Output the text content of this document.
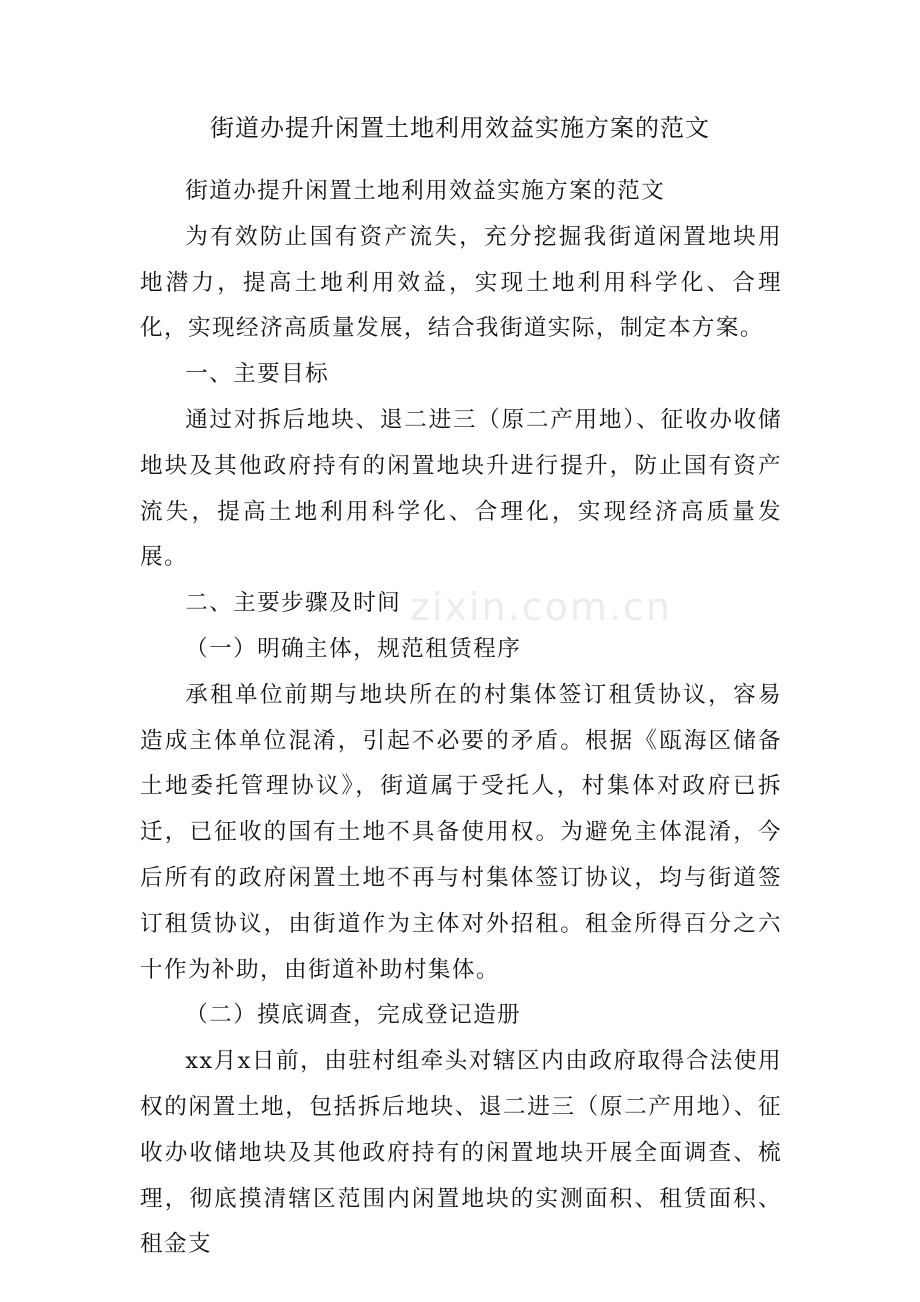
街道办提升闲置土地利用效益实施方案的范文

街道办提升闲置土地利用效益实施方案的范文

为有效防止国有资产流失，充分挖掘我街道闲置地块用地潜力，提高土地利用效益，实现土地利用科学化、合理化，实现经济高质量发展，结合我街道实际，制定本方案。

一、主要目标

通过对拆后地块、退二进三（原二产用地）、征收办收储地块及其他政府持有的闲置地块升进行提升，防止国有资产流失，提高土地利用科学化、合理化，实现经济高质量发展。

二、主要步骤及时间

（一）明确主体，规范租赁程序

承租单位前期与地块所在的村集体签订租赁协议，容易造成主体单位混淆，引起不必要的矛盾。根据《瓯海区储备土地委托管理协议》，街道属于受托人，村集体对政府已拆迁，已征收的国有土地不具备使用权。为避免主体混淆，今后所有的政府闲置土地不再与村集体签订协议，均与街道签订租赁协议，由街道作为主体对外招租。租金所得百分之六十作为补助，由街道补助村集体。

（二）摸底调查，完成登记造册

xx月x日前，由驻村组牵头对辖区内由政府取得合法使用权的闲置土地，包括拆后地块、退二进三（原二产用地）、征收办收储地块及其他政府持有的闲置地块开展全面调查、梳理，彻底摸清辖区范围内闲置地块的实测面积、租赁面积、租金支

zixin.com.cn
